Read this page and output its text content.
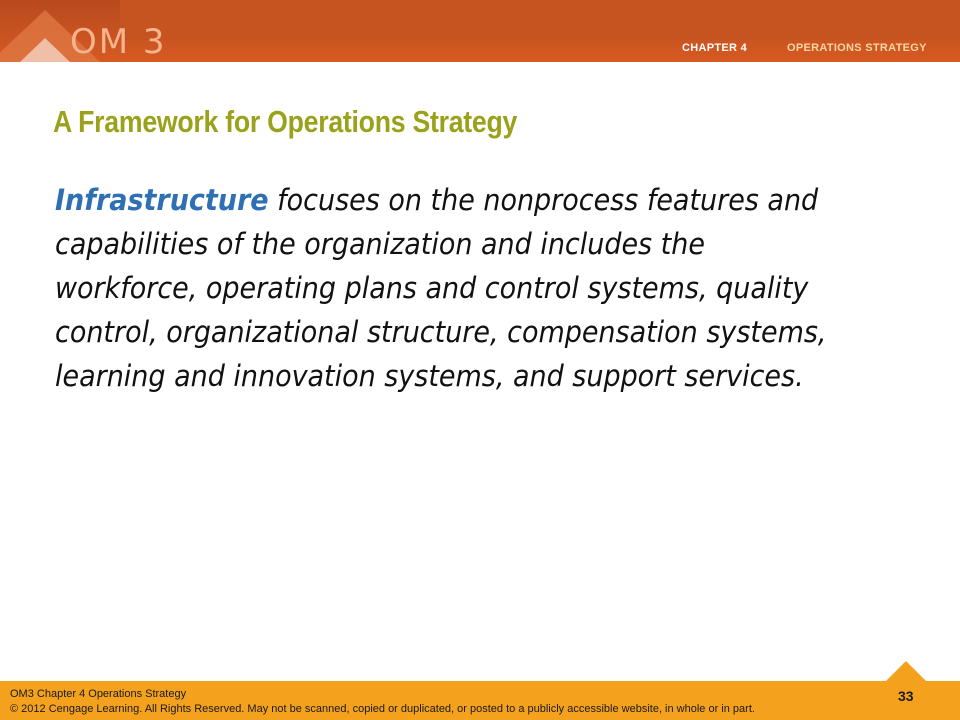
OM 3	CHAPTER 4	OPERATIONS STRATEGY
A Framework for Operations Strategy
Infrastructure focuses on the nonprocess features and capabilities of the organization and includes the workforce, operating plans and control systems, quality control, organizational structure, compensation systems, learning and innovation systems, and support services.
OM3 Chapter 4 Operations Strategy
© 2012 Cengage Learning. All Rights Reserved. May not be scanned, copied or duplicated, or posted to a publicly accessible website, in whole or in part.
33
